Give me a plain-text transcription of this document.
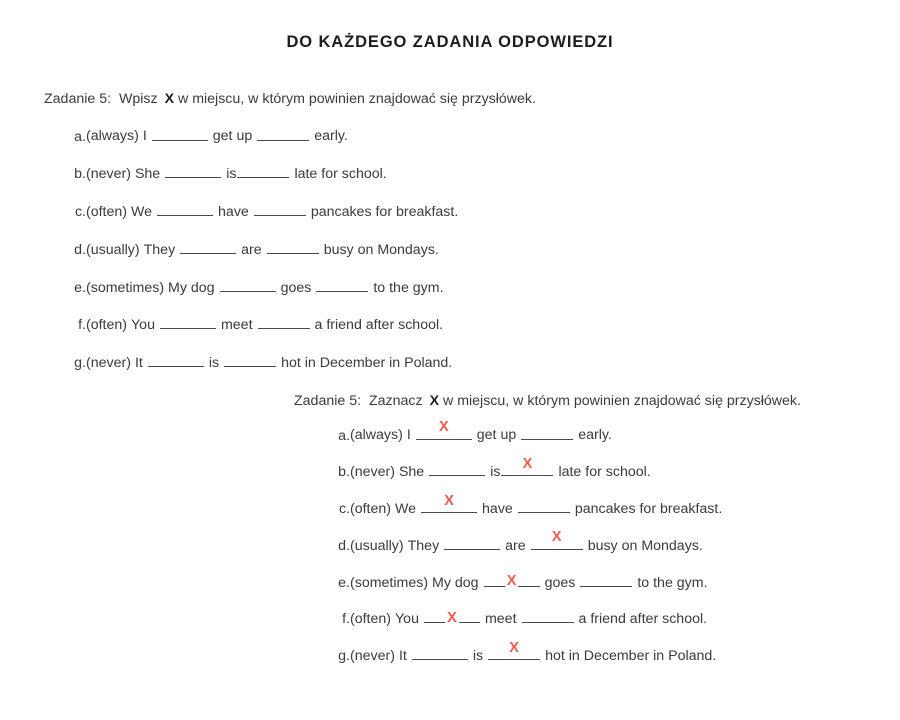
DO KAŻDEGO ZADANIA ODPOWIEDZI
Zadanie 5: Wpisz X w miejscu, w którym powinien znajdować się przysłówek.
a. (always) I	get up	early.
b. (never) She	is	late for school.
c. (often) We	have	pancakes for breakfast.
d. (usually) They	are	busy on Mondays.
e. (sometimes) My dog	goes	to the gym.
f. (often) You	meet	a friend after school.
g. (never) It	is	hot in December in Poland.
Zadanie 5: Zaznacz X w miejscu, w którym powinien znajdować się przysłówek.
a. (always) I
X
get up	early.
b. (never) She	is
X
late for school.
c. (often) We
X
have	pancakes for breakfast.
d. (usually) They	are
X
busy on Mondays.
e. (sometimes) My dog X goes	to the gym.
f. (often) You X meet	a friend after school.
g. (never) It	is
X
hot in December in Poland.
